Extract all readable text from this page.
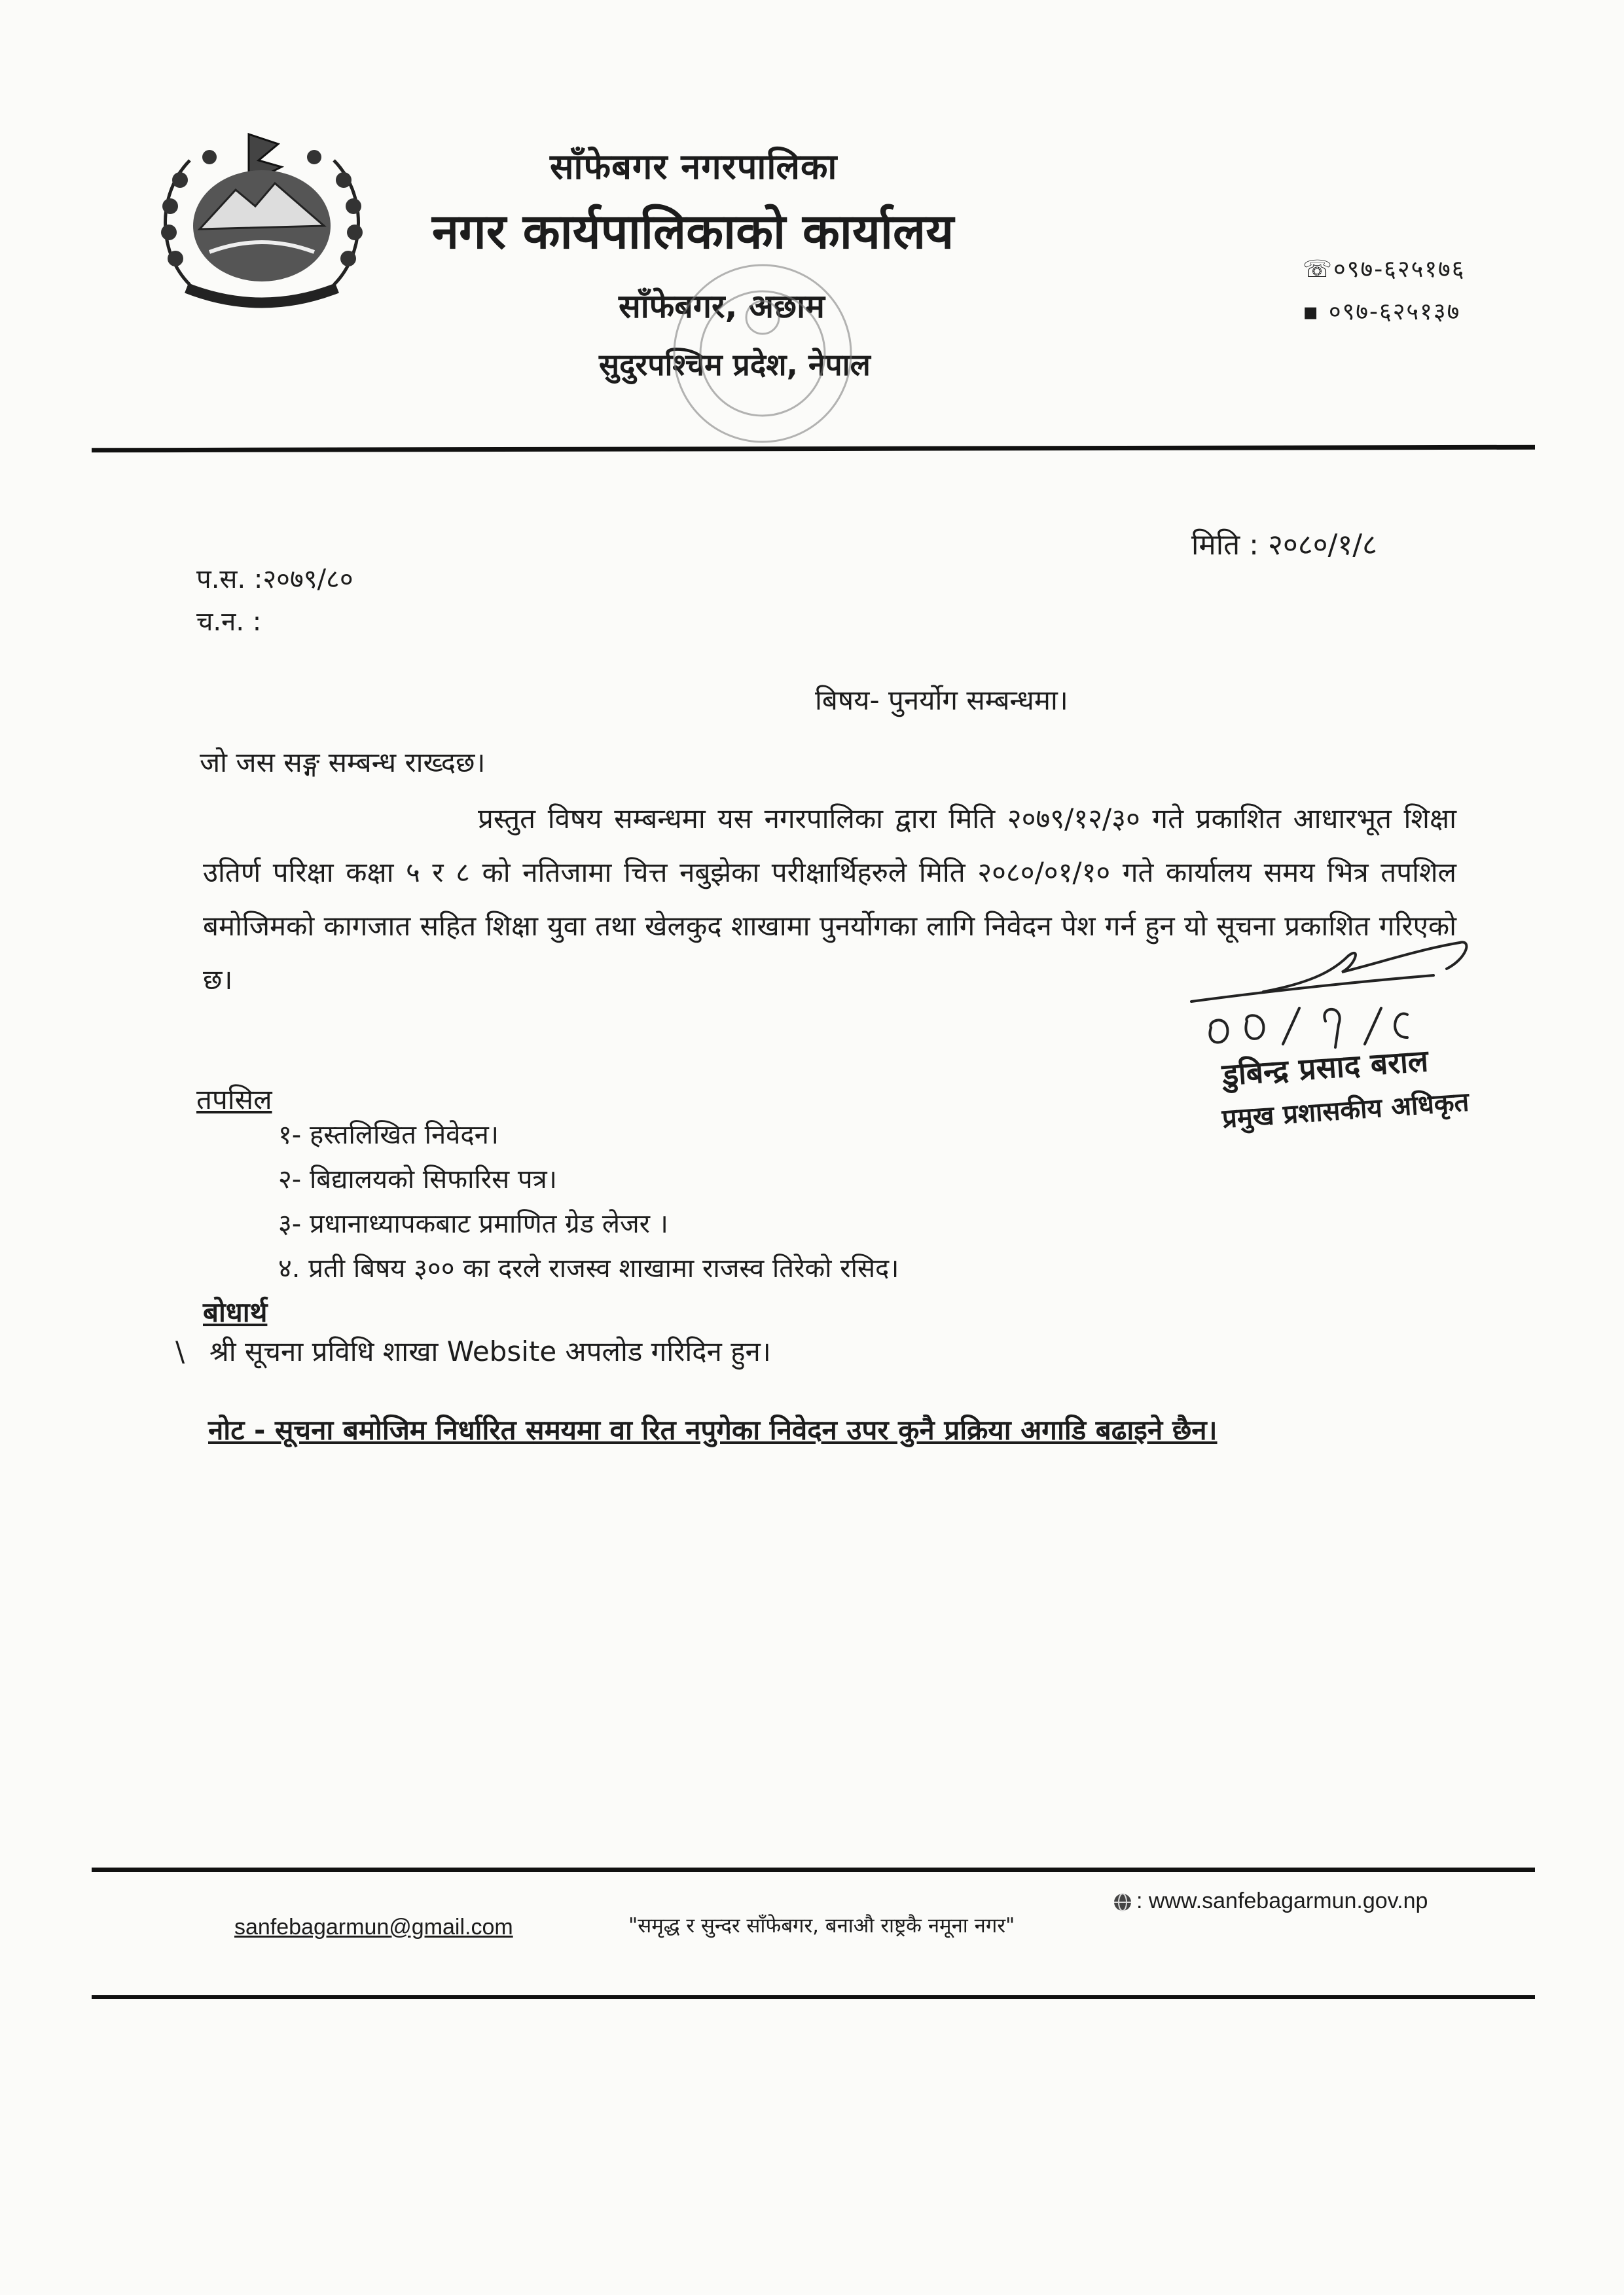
साँफेबगर नगरपालिका
नगर कार्यपालिकाको कार्यालय
साँफेबगर, अछाम
सुदुरपश्चिम प्रदेश, नेपाल
☏०९७-६२५१७६
▪ ०९७-६२५१३७
मिति : २०८०/१/८
प.स. :२०७९/८०
च.न. :
बिषय- पुनर्योग सम्बन्धमा।
जो जस सङ्ग सम्बन्ध राख्दछ।
प्रस्तुत विषय सम्बन्धमा यस नगरपालिका द्वारा मिति २०७९/१२/३० गते प्रकाशित आधारभूत शिक्षा उतिर्ण परिक्षा कक्षा ५ र ८ को नतिजामा चित्त नबुझेका परीक्षार्थिहरुले मिति २०८०/०१/१० गते कार्यालय समय भित्र तपशिल बमोजिमको कागजात सहित शिक्षा युवा तथा खेलकुद शाखामा पुनर्योगका लागि निवेदन पेश गर्न हुन यो सूचना प्रकाशित गरिएको छ।
डुबिन्द्र प्रसाद बराल
प्रमुख प्रशासकीय अधिकृत
तपसिल
१- हस्तलिखित निवेदन।
२- बिद्यालयको सिफारिस पत्र।
३- प्रधानाध्यापकबाट प्रमाणित ग्रेड लेजर ।
४. प्रती बिषय ३०० का दरले राजस्व शाखामा राजस्व तिरेको रसिद।
बोधार्थ
\ श्री सूचना प्रविधि शाखा Website अपलोड गरिदिन हुन।
नोट - सूचना बमोजिम निर्धारित समयमा वा रित नपुगेका निवेदन उपर कुनै प्रक्रिया अगाडि बढाइने छैन।
sanfebagarmun@gmail.com	"समृद्ध र सुन्दर साँफेबगर, बनाऔ राष्ट्रकै नमूना नगर"
: www.sanfebagarmun.gov.np
